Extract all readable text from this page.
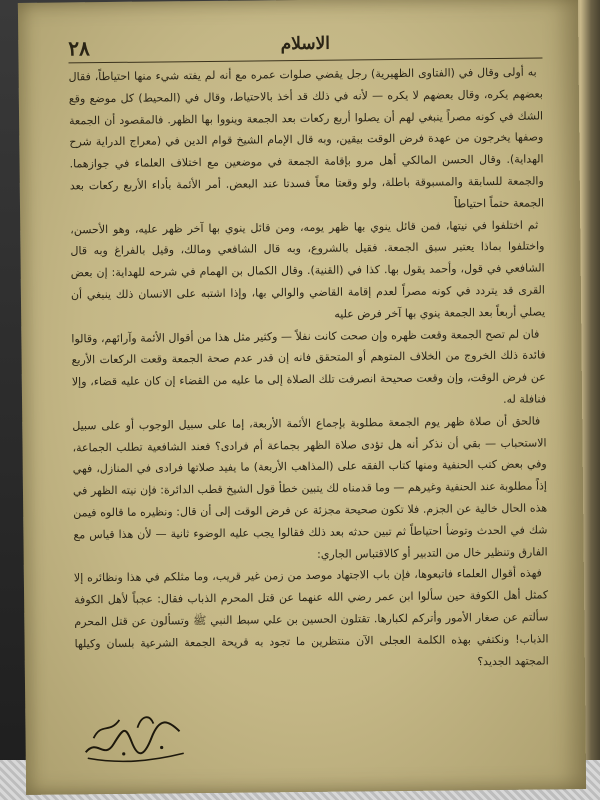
٢٨	الاسلام

به أولى وقال في (الفتاوى الظهيرية) رجل يقضي صلوات عمره مع أنه لم يفته شيء منها احتياطاً، فقال بعضهم يكره، وقال بعضهم لا يكره — لأنه في ذلك قد أخذ بالاحتياط، وقال في (المحيط) كل موضع وقع الشك في كونه مصراً ينبغي لهم أن يصلوا أربع ركعات بعد الجمعة وينووا بها الظهر. فالمقصود أن الجمعة وصفها يخرجون من عهدة فرض الوقت بيقين، وبه قال الإمام الشيخ قوام الدين في (معراج الدراية شرح الهداية). وقال الحسن المالكي أهل مرو بإقامة الجمعة في موضعين مع اختلاف العلماء في جوازهما. والجمعة للسابقة والمسبوقة باطلة، ولو وقعتا معاً فسدتا عند البعض. أمر الأئمة بأداء الأربع ركعات بعد الجمعة حتماً احتياطاً

ثم اختلفوا في نيتها، فمن قائل ينوي بها ظهر يومه، ومن قائل ينوي بها آخر ظهر عليه، وهو الأحسن، واختلفوا بماذا يعتبر سبق الجمعة. فقيل بالشروع، وبه قال الشافعي ومالك، وقيل بالفراغ وبه قال الشافعي في قول، وأحمد يقول بها. كذا في (القنية). وقال الكمال بن الهمام في شرحه للهداية: إن بعض القرى قد يتردد في كونه مصراً لعدم إقامة القاضي والوالي بها، وإذا اشتبه على الانسان ذلك ينبغي أن يصلي أربعاً بعد الجمعة ينوي بها آخر فرض عليه

فان لم تصح الجمعة وقعت ظهره وإن صحت كانت نفلاً — وكثير مثل هذا من أقوال الأئمة وآرائهم، وقالوا فائدة ذلك الخروج من الخلاف المتوهم أو المتحقق فانه إن قدر عدم صحة الجمعة وقعت الركعات الأربع عن فرض الوقت، وإن وقعت صحيحة انصرفت تلك الصلاة إلى ما عليه من القضاء إن كان عليه قضاء، وإلا فنافلة له.

فالحق أن صلاة ظهر يوم الجمعة مطلوبة بإجماع الأئمة الأربعة، إما على سبيل الوجوب أو على سبيل الاستحباب — بقي أن نذكر أنه هل تؤدى صلاة الظهر بجماعة أم فرادى؟ فعند الشافعية تطلب الجماعة، وفي بعض كتب الحنفية ومنها كتاب الفقه على (المذاهب الأربعة) ما يفيد صلاتها فرادى في المنازل، فهي إذاً مطلوبة عند الحنفية وغيرهم — وما قدمناه لك يتبين خطأ قول الشيخ قطب الدائرة: فإن نيته الظهر في هذه الحال خالية عن الجزم. فلا تكون صحيحة مجزئة عن فرض الوقت إلى أن قال: ونظيره ما قالوه فيمن شك في الحدث وتوضأ احتياطاً ثم تبين حدثه بعد ذلك فقالوا يجب عليه الوضوء ثانية — لأن هذا قياس مع الفارق وتنظير خال من التدبير أو كالاقتباس الجاري:

فهذه أقوال العلماء فاتبعوها، فإن باب الاجتهاد موصد من زمن غير قريب، وما مثلكم في هذا ونظائره إلا كمثل أهل الكوفة حين سألوا ابن عمر رضي الله عنهما عن قتل المحرم الذباب فقال: عجباً لأهل الكوفة سألتم عن صغار الأمور وأتركم لكبارها. تقتلون الحسين بن علي سبط النبي ﷺ وتسألون عن قتل المحرم الذباب! ونكتفي بهذه الكلمة العجلى الآن منتظرين ما تجود به قريحة الجمعة الشرعية بلسان وكيلها المجتهد الجديد؟
